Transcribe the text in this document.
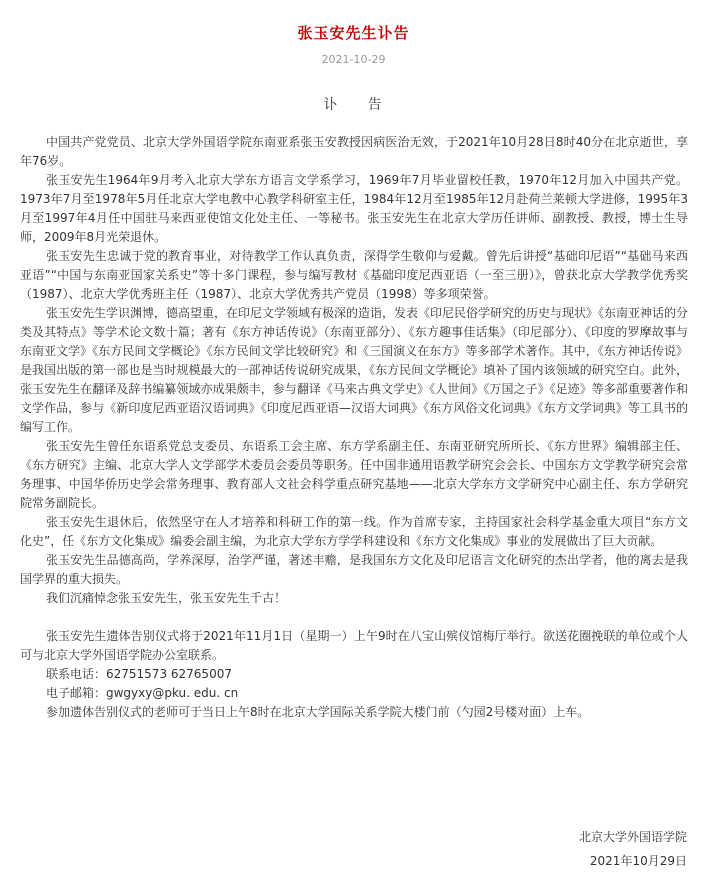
张玉安先生讣告
2021-10-29
讣 告

中国共产党党员、北京大学外国语学院东南亚系张玉安教授因病医治无效，于2021年10月28日8时40分在北京逝世，享年76岁。

张玉安先生1964年9月考入北京大学东方语言文学系学习，1969年7月毕业留校任教，1970年12月加入中国共产党。1973年7月至1978年5月任北京大学电教中心教学科研室主任，1984年12月至1985年12月赴荷兰莱顿大学进修，1995年3月至1997年4月任中国驻马来西亚使馆文化处主任、一等秘书。张玉安先生在北京大学历任讲师、副教授、教授，博士生导师，2009年8月光荣退休。

张玉安先生忠诚于党的教育事业，对待教学工作认真负责，深得学生敬仰与爱戴。曾先后讲授“基础印尼语”“基础马来西亚语”“中国与东南亚国家关系史”等十多门课程，参与编写教材《基础印度尼西亚语（一至三册）》，曾获北京大学教学优秀奖（1987）、北京大学优秀班主任（1987）、北京大学优秀共产党员（1998）等多项荣誉。

张玉安先生学识渊博，德高望重，在印尼文学领域有极深的造诣，发表《印尼民俗学研究的历史与现状》《东南亚神话的分类及其特点》等学术论文数十篇；著有《东方神话传说》（东南亚部分）、《东方趣事佳话集》（印尼部分）、《印度的罗摩故事与东南亚文学》《东方民间文学概论》《东方民间文学比较研究》和《三国演义在东方》等多部学术著作。其中，《东方神话传说》是我国出版的第一部也是当时规模最大的一部神话传说研究成果，《东方民间文学概论》填补了国内该领域的研究空白。此外，张玉安先生在翻译及辞书编纂领域亦成果颇丰，参与翻译《马来古典文学史》《人世间》《万国之子》《足迹》等多部重要著作和文学作品，参与《新印度尼西亚语汉语词典》《印度尼西亚语—汉语大词典》《东方风俗文化词典》《东方文学词典》等工具书的编写工作。

张玉安先生曾任东语系党总支委员、东语系工会主席、东方学系副主任、东南亚研究所所长、《东方世界》编辑部主任、《东方研究》主编、北京大学人文学部学术委员会委员等职务。任中国非通用语教学研究会会长、中国东方文学教学研究会常务理事、中国华侨历史学会常务理事、教育部人文社会科学重点研究基地——北京大学东方文学研究中心副主任、东方学研究院常务副院长。

张玉安先生退休后，依然坚守在人才培养和科研工作的第一线。作为首席专家，主持国家社会科学基金重大项目“东方文化史”，任《东方文化集成》编委会副主编，为北京大学东方学学科建设和《东方文化集成》事业的发展做出了巨大贡献。

张玉安先生品德高尚，学养深厚，治学严谨，著述丰赡，是我国东方文化及印尼语言文化研究的杰出学者，他的离去是我国学界的重大损失。

我们沉痛悼念张玉安先生，张玉安先生千古！

张玉安先生遗体告别仪式将于2021年11月1日（星期一）上午9时在八宝山殡仪馆梅厅举行。欲送花圈挽联的单位或个人可与北京大学外国语学院办公室联系。

联系电话：62751573 62765007

电子邮箱：gwgyxy@pku. edu. cn

参加遗体告别仪式的老师可于当日上午8时在北京大学国际关系学院大楼门前（勺园2号楼对面）上车。

北京大学外国语学院
2021年10月29日
